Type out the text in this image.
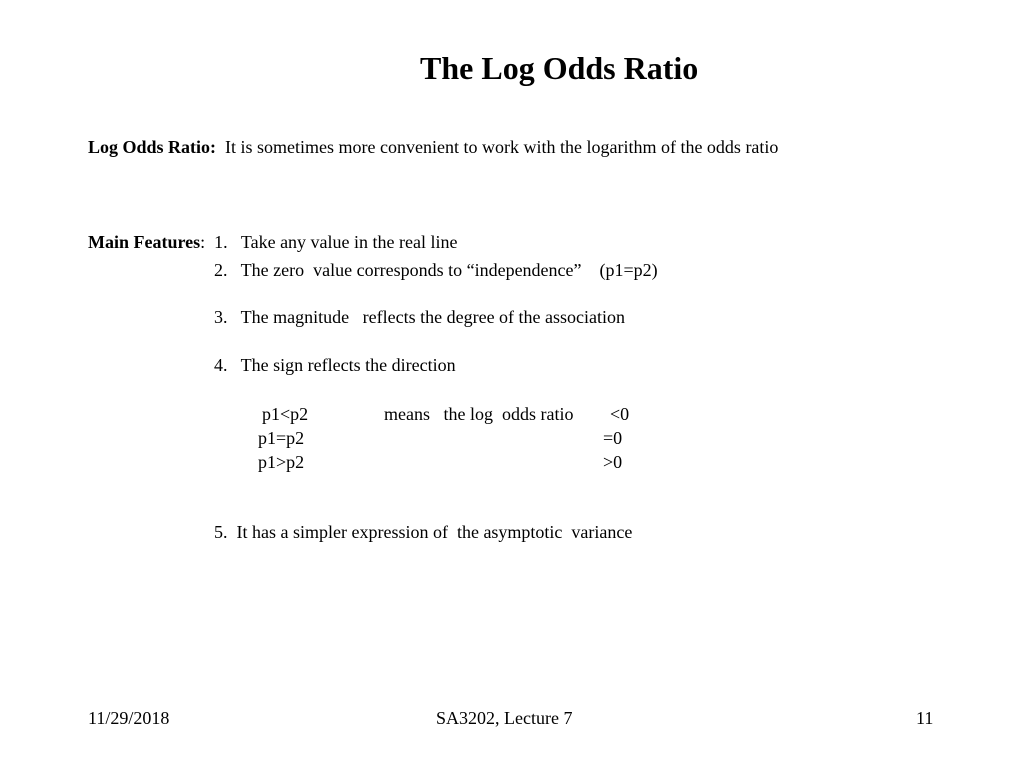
The Log Odds Ratio

Log Odds Ratio:  It is sometimes more convenient to work with the logarithm of the odds ratio

Main Features:  1.   Take any value in the real line

2.   The zero  value corresponds to “independence”    (p1=p2)
3.   The magnitude   reflects the degree of the association
4.   The sign reflects the direction
p1<p2	means   the log  odds ratio <0
p1=p2	=0
p1>p2	>0
5.  It has a simpler expression of  the asymptotic  variance
11/29/2018	SA3202, Lecture 7	11
